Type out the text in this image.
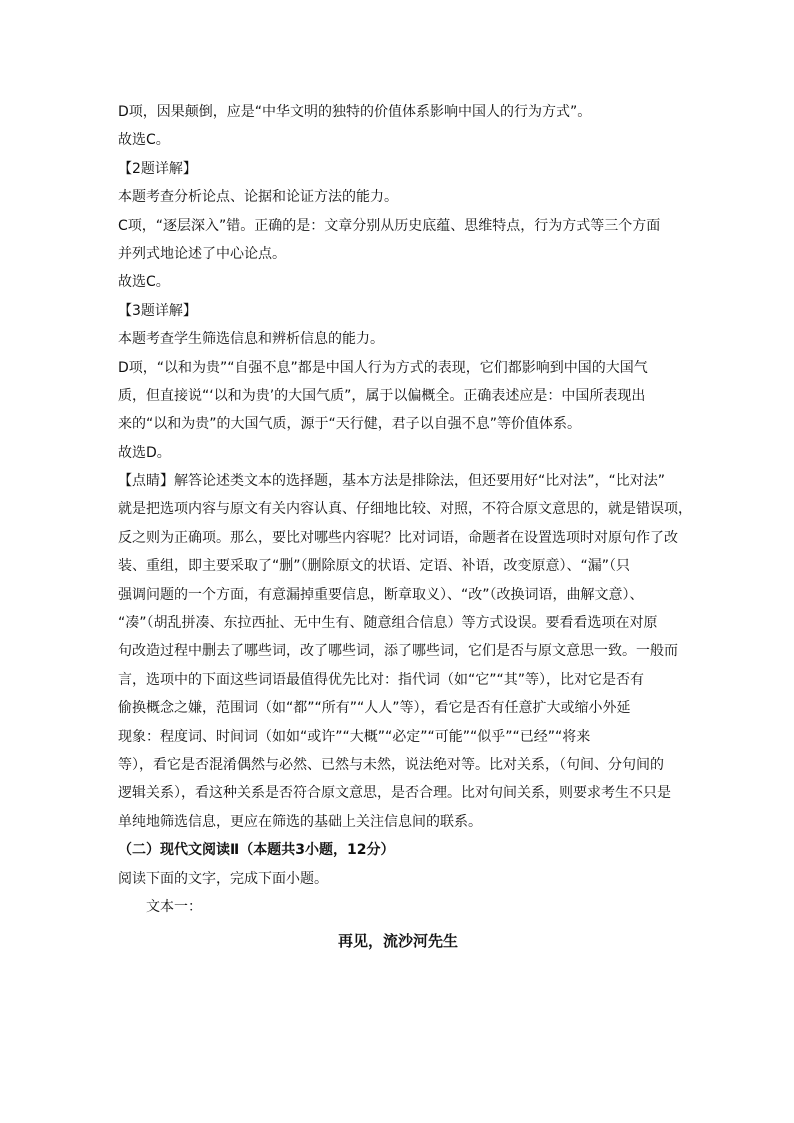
D项，因果颠倒，应是“中华文明的独特的价值体系影响中国人的行为方式”。
故选C。
【2题详解】
本题考查分析论点、论据和论证方法的能力。
C项，“逐层深入”错。正确的是：文章分别从历史底蕴、思维特点，行为方式等三个方面
并列式地论述了中心论点。
故选C。
【3题详解】
本题考查学生筛选信息和辨析信息的能力。
D项，“以和为贵”“自强不息”都是中国人行为方式的表现，它们都影响到中国的大国气
质，但直接说“‘以和为贵’的大国气质”，属于以偏概全。正确表述应是：中国所表现出
来的“以和为贵”的大国气质，源于“天行健，君子以自强不息”等价值体系。
故选D。
【点睛】解答论述类文本的选择题，基本方法是排除法，但还要用好“比对法”，“比对法”
就是把选项内容与原文有关内容认真、仔细地比较、对照，不符合原文意思的，就是错误项，
反之则为正确项。那么，要比对哪些内容呢？比对词语，命题者在设置选项时对原句作了改
装、重组，即主要采取了“删”（删除原文的状语、定语、补语，改变原意）、“漏”（只
强调问题的一个方面，有意漏掉重要信息，断章取义）、“改”（改换词语，曲解文意）、
“凑”（胡乱拼凑、东拉西扯、无中生有、随意组合信息）等方式设误。要看看选项在对原
句改造过程中删去了哪些词，改了哪些词，添了哪些词，它们是否与原文意思一致。一般而
言，选项中的下面这些词语最值得优先比对：指代词（如“它”“其”等），比对它是否有
偷换概念之嫌，范围词（如“都”“所有”“人人”等），看它是否有任意扩大或缩小外延
现象：程度词、时间词（如如“或许”“大概”“必定”“可能”“似乎”“已经”“将来
等），看它是否混淆偶然与必然、已然与未然，说法绝对等。比对关系，（句间、分句间的
逻辑关系），看这种关系是否符合原文意思，是否合理。比对句间关系，则要求考生不只是
单纯地筛选信息，更应在筛选的基础上关注信息间的联系。
（二）现代文阅读Ⅱ（本题共3小题，12分）
阅读下面的文字，完成下面小题。
文本一：
再见，流沙河先生
